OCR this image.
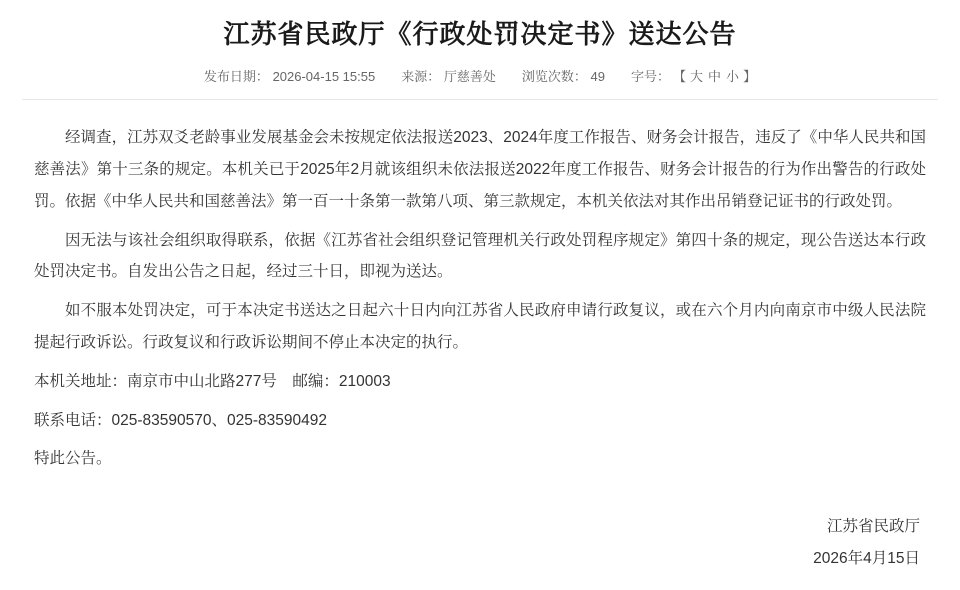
江苏省民政厅《行政处罚决定书》送达公告
发布日期： 2026-04-15 15:55 来源： 厅慈善处 浏览次数： 49 字号： 【 大 中 小 】

经调查，江苏双爻老龄事业发展基金会未按规定依法报送2023、2024年度工作报告、财务会计报告，违反了《中华人民共和国慈善法》第十三条的规定。本机关已于2025年2月就该组织未依法报送2022年度工作报告、财务会计报告的行为作出警告的行政处罚。依据《中华人民共和国慈善法》第一百一十条第一款第八项、第三款规定，本机关依法对其作出吊销登记证书的行政处罚。

因无法与该社会组织取得联系，依据《江苏省社会组织登记管理机关行政处罚程序规定》第四十条的规定，现公告送达本行政处罚决定书。自发出公告之日起，经过三十日，即视为送达。

如不服本处罚决定，可于本决定书送达之日起六十日内向江苏省人民政府申请行政复议，或在六个月内向南京市中级人民法院提起行政诉讼。行政复议和行政诉讼期间不停止本决定的执行。

本机关地址：南京市中山北路277号　邮编：210003

联系电话：025-83590570、025-83590492

特此公告。

江苏省民政厅
2026年4月15日
